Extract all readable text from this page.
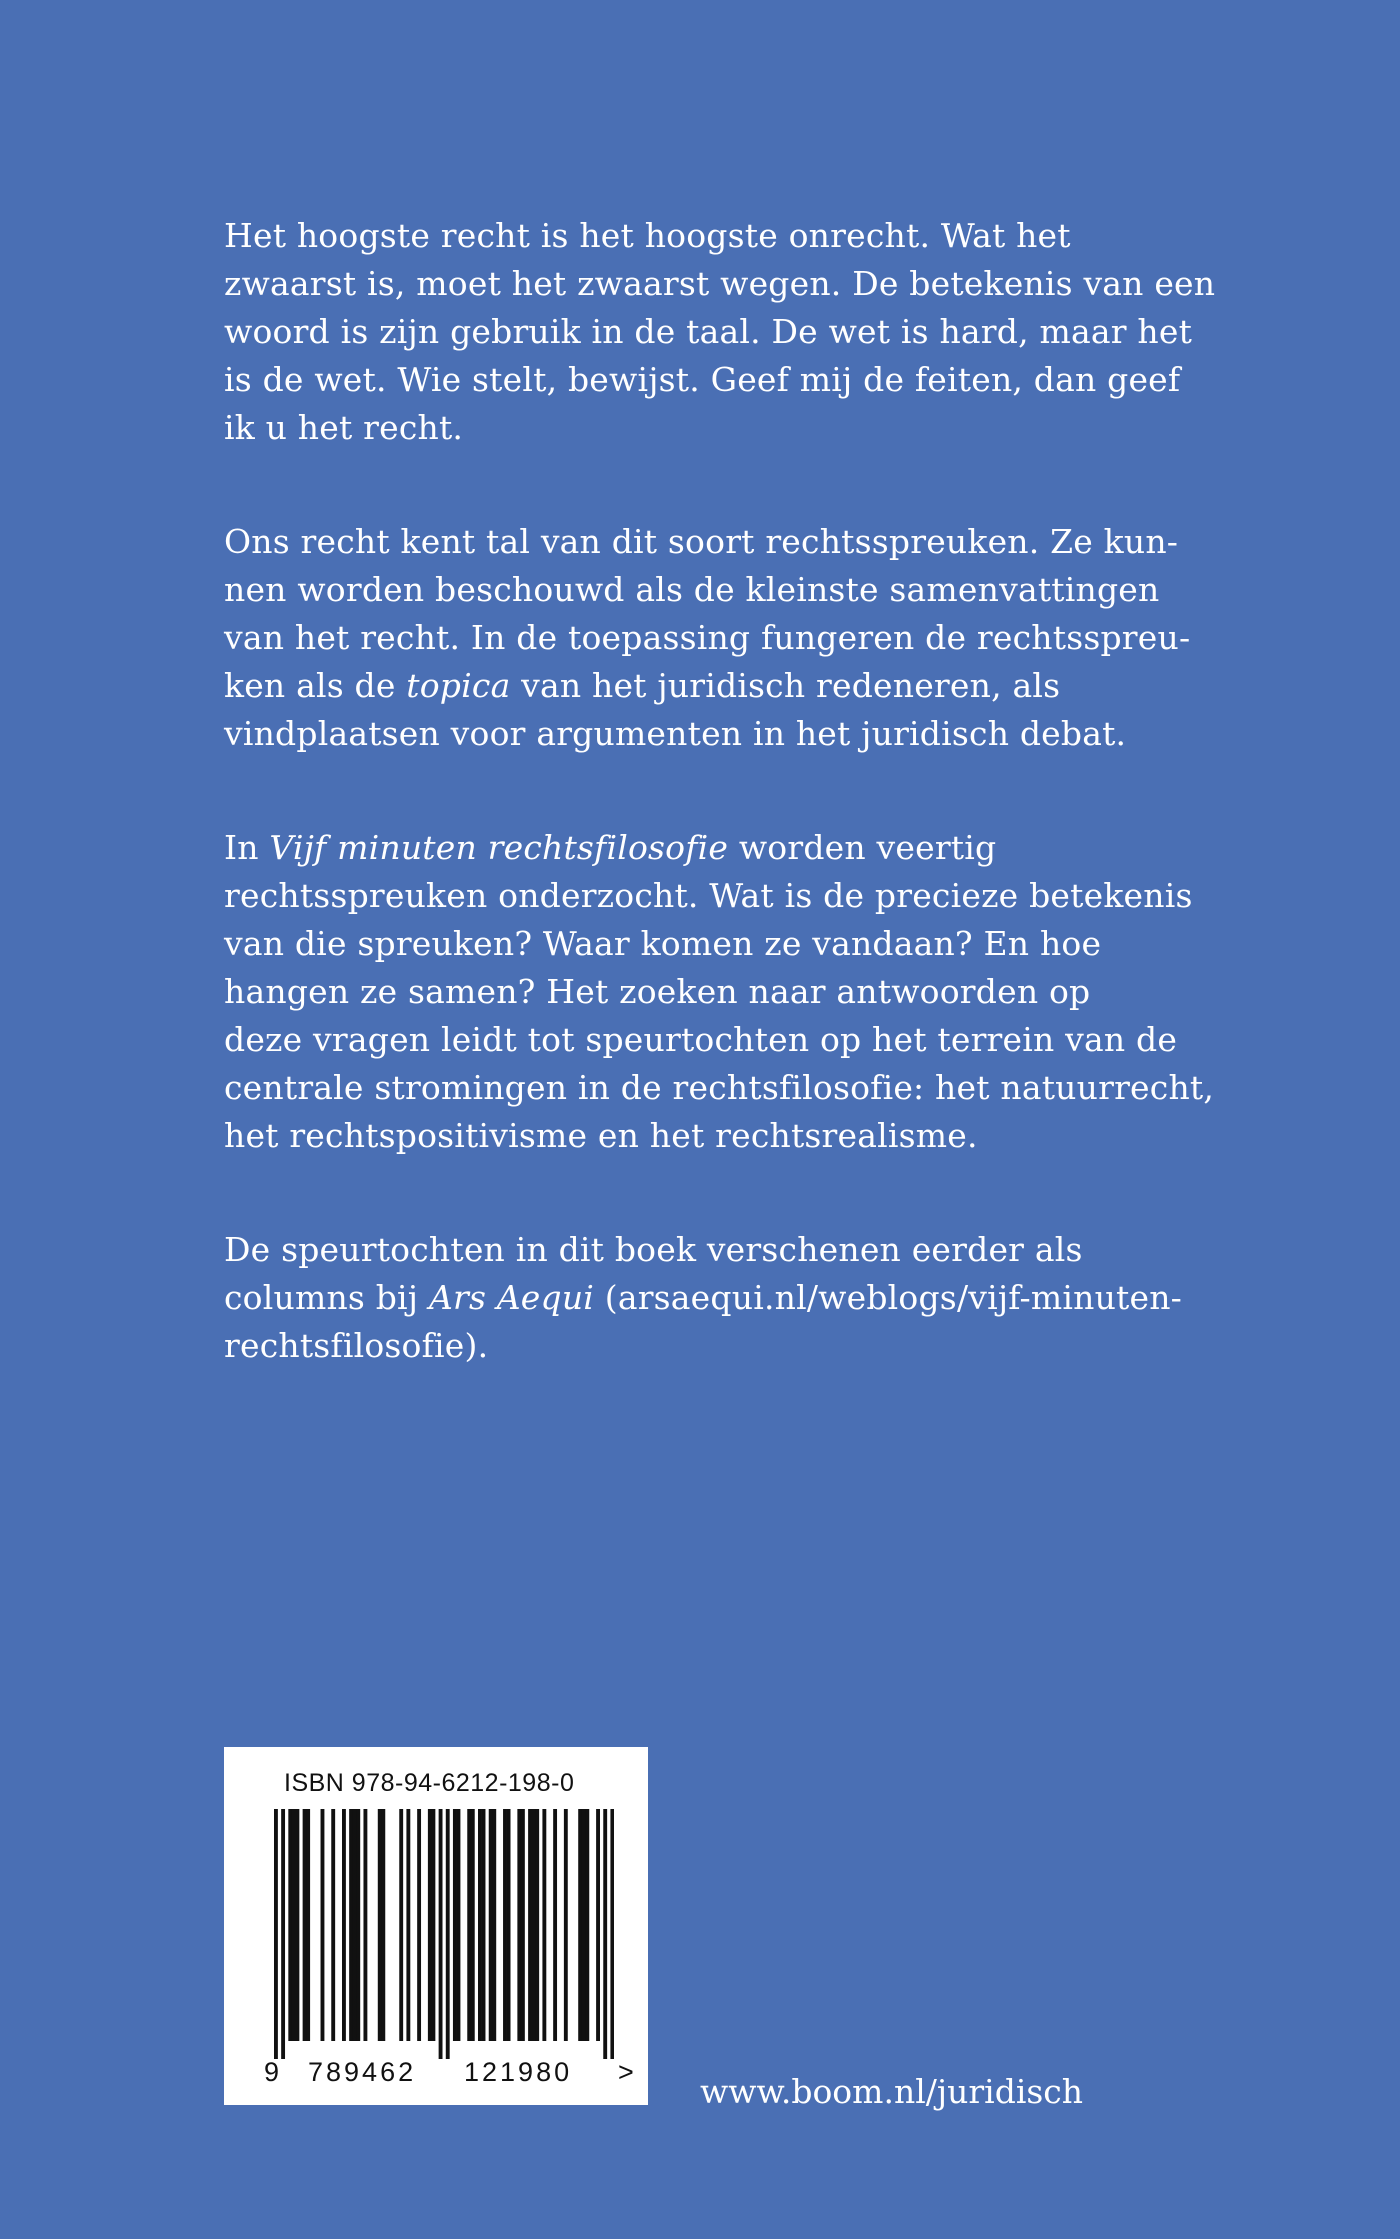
Het hoogste recht is het hoogste onrecht. Wat het
zwaarst is, moet het zwaarst wegen. De betekenis van een
woord is zijn gebruik in de taal. De wet is hard, maar het
is de wet. Wie stelt, bewijst. Geef mij de feiten, dan geef
ik u het recht.

Ons recht kent tal van dit soort rechtsspreuken. Ze kun-
nen worden beschouwd als de kleinste samenvattingen
van het recht. In de toepassing fungeren de rechtsspreu-
ken als de topica van het juridisch redeneren, als
vindplaatsen voor argumenten in het juridisch debat.

In Vijf minuten rechtsfilosofie worden veertig
rechtsspreuken onderzocht. Wat is de precieze betekenis
van die spreuken? Waar komen ze vandaan? En hoe
hangen ze samen? Het zoeken naar antwoorden op
deze vragen leidt tot speurtochten op het terrein van de
centrale stromingen in de rechtsfilosofie: het natuurrecht,
het rechtspositivisme en het rechtsrealisme.

De speurtochten in dit boek verschenen eerder als
columns bij Ars Aequi (arsaequi.nl/weblogs/vijf-minuten-
rechtsfilosofie).

ISBN 978-94-6212-198-0
9 789462 121980 > www.boom.nl/juridisch
